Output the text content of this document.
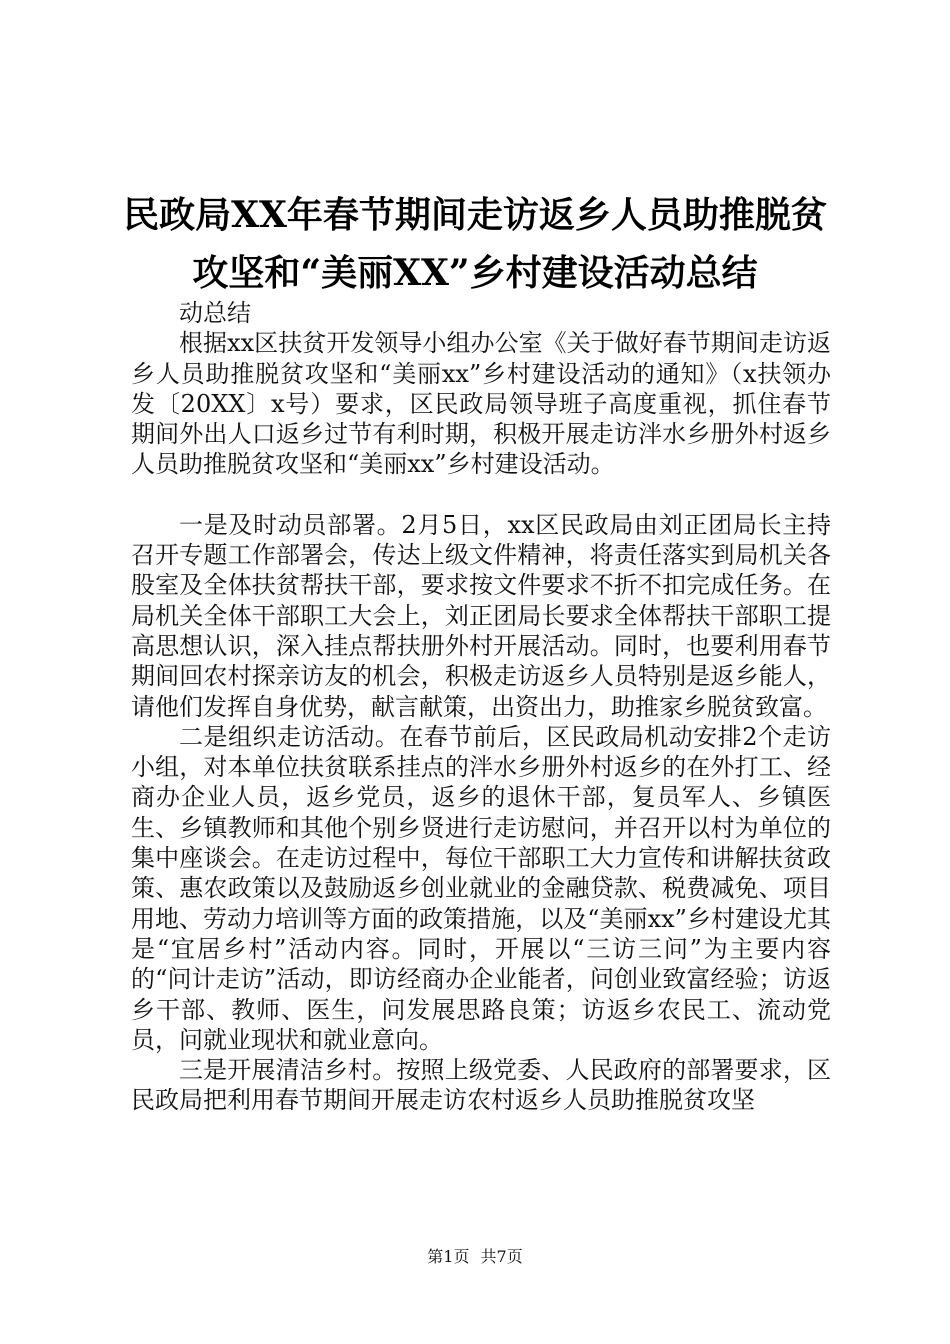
民政局XX年春节期间走访返乡人员助推脱贫
攻坚和“美丽XX”乡村建设活动总结

动总结

根据xx区扶贫开发领导小组办公室《关于做好春节期间走访返乡人员助推脱贫攻坚和“美丽xx”乡村建设活动的通知》（x扶领办发〔20XX〕x号）要求，区民政局领导班子高度重视，抓住春节期间外出人口返乡过节有利时期，积极开展走访泮水乡册外村返乡人员助推脱贫攻坚和“美丽xx”乡村建设活动。

一是及时动员部署。2月5日，xx区民政局由刘正团局长主持召开专题工作部署会，传达上级文件精神，将责任落实到局机关各股室及全体扶贫帮扶干部，要求按文件要求不折不扣完成任务。在局机关全体干部职工大会上，刘正团局长要求全体帮扶干部职工提高思想认识，深入挂点帮扶册外村开展活动。同时，也要利用春节期间回农村探亲访友的机会，积极走访返乡人员特别是返乡能人，请他们发挥自身优势，献言献策，出资出力，助推家乡脱贫致富。

二是组织走访活动。在春节前后，区民政局机动安排2个走访小组，对本单位扶贫联系挂点的泮水乡册外村返乡的在外打工、经商办企业人员，返乡党员，返乡的退休干部，复员军人、乡镇医生、乡镇教师和其他个别乡贤进行走访慰问，并召开以村为单位的集中座谈会。在走访过程中，每位干部职工大力宣传和讲解扶贫政策、惠农政策以及鼓励返乡创业就业的金融贷款、税费减免、项目用地、劳动力培训等方面的政策措施，以及“美丽xx”乡村建设尤其是“宜居乡村”活动内容。同时，开展以“三访三问”为主要内容的“问计走访”活动，即访经商办企业能者，问创业致富经验；访返乡干部、教师、医生，问发展思路良策；访返乡农民工、流动党员，问就业现状和就业意向。

三是开展清洁乡村。按照上级党委、人民政府的部署要求，区民政局把利用春节期间开展走访农村返乡人员助推脱贫攻坚

第1页 共7页
